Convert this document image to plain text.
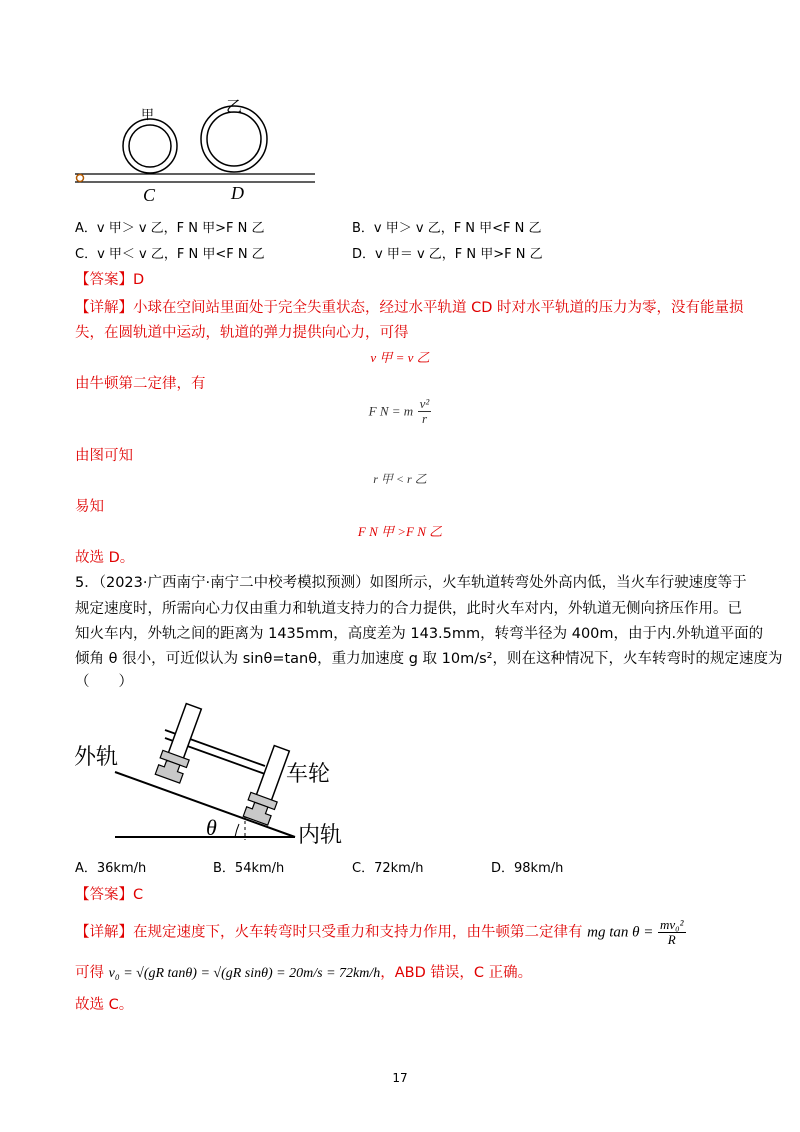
甲	乙
C	D
A．v 甲＞ v 乙，F N 甲>F N 乙	B．v 甲＞ v 乙，F N 甲<F N 乙
C．v 甲＜ v 乙，F N 甲<F N 乙	D．v 甲＝ v 乙，F N 甲>F N 乙
【答案】D
【详解】小球在空间站里面处于完全失重状态，经过水平轨道 CD 时对水平轨道的压力为零，没有能量损
失，在圆轨道中运动，轨道的弹力提供向心力，可得
v 甲 = v 乙
由牛顿第二定律，有
F N = m $\frac{\text{v²}}{r}$
由图可知
r 甲 < r 乙
易知
F N 甲 >F N 乙
故选 D。
5．（2023·广西南宁·南宁二中校考模拟预测）如图所示，火车轨道转弯处外高内低，当火车行驶速度等于
规定速度时，所需向心力仅由重力和轨道支持力的合力提供，此时火车对内，外轨道无侧向挤压作用。已
知火车内，外轨之间的距离为 1435mm，高度差为 143.5mm，转弯半径为 400m，由于内.外轨道平面的
倾角 θ 很小，可近似认为 sinθ=tanθ，重力加速度 g 取 10m/s²，则在这种情况下，火车转弯时的规定速度为
（　　）
外轨
车轮
内轨
θ
A．36km/h	B．54km/h	C．72km/h	D．98km/h
【答案】C
【详解】在规定速度下，火车转弯时只受重力和支持力作用，由牛顿第二定律有 mg $\tan \theta = \frac{\text{mv₀²}}{R}$
可得 v₀ = √(gR tanθ) = √(gR sinθ) = 20m/s = 72km/h，ABD 错误，C 正确。
故选 C。
17
